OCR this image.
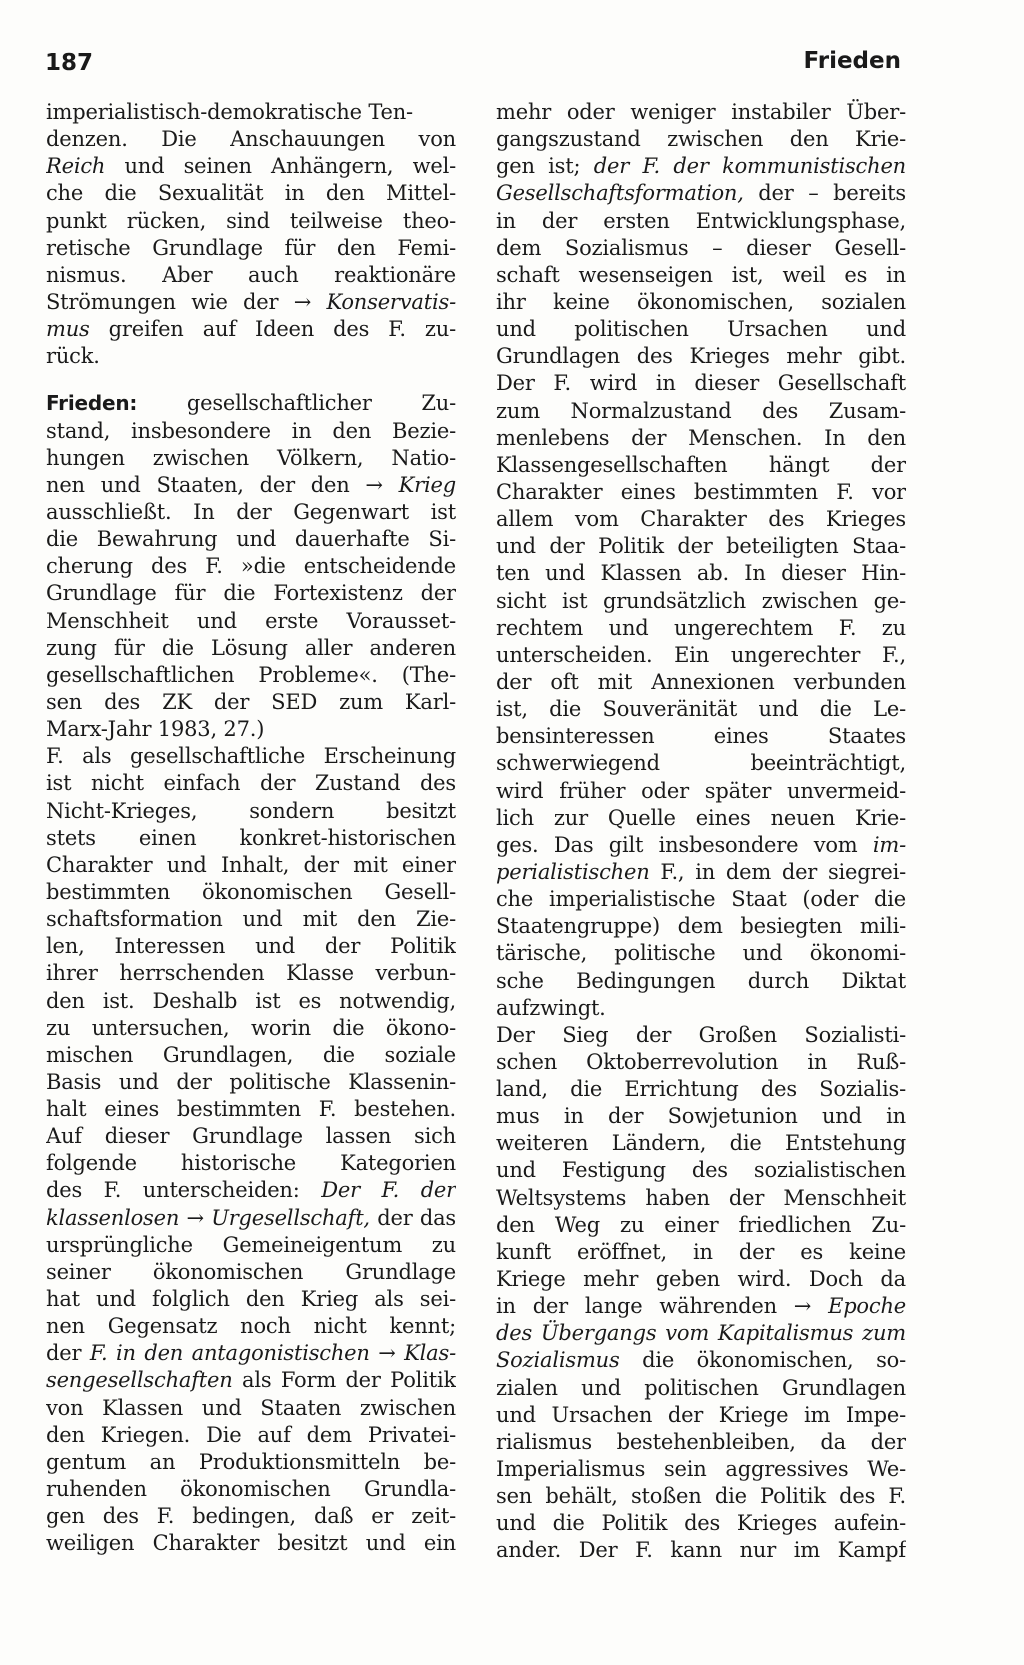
187	Frieden
imperialistisch-demokratische Ten-
denzen. Die Anschauungen von
Reich und seinen Anhängern, wel-
che die Sexualität in den Mittel-
punkt rücken, sind teilweise theo-
retische Grundlage für den Femi-
nismus. Aber auch reaktionäre
Strömungen wie der → Konservatis-
mus greifen auf Ideen des F. zu-
rück.
Frieden: gesellschaftlicher Zu-
stand, insbesondere in den Bezie-
hungen zwischen Völkern, Natio-
nen und Staaten, der den → Krieg
ausschließt. In der Gegenwart ist
die Bewahrung und dauerhafte Si-
cherung des F. »die entscheidende
Grundlage für die Fortexistenz der
Menschheit und erste Vorausset-
zung für die Lösung aller anderen
gesellschaftlichen Probleme«. (The-
sen des ZK der SED zum Karl-
Marx-Jahr 1983, 27.)
F. als gesellschaftliche Erscheinung
ist nicht einfach der Zustand des
Nicht-Krieges, sondern besitzt
stets einen konkret-historischen
Charakter und Inhalt, der mit einer
bestimmten ökonomischen Gesell-
schaftsformation und mit den Zie-
len, Interessen und der Politik
ihrer herrschenden Klasse verbun-
den ist. Deshalb ist es notwendig,
zu untersuchen, worin die ökono-
mischen Grundlagen, die soziale
Basis und der politische Klassenin-
halt eines bestimmten F. bestehen.
Auf dieser Grundlage lassen sich
folgende historische Kategorien
des F. unterscheiden: Der F. der
klassenlosen → Urgesellschaft, der das
ursprüngliche Gemeineigentum zu
seiner ökonomischen Grundlage
hat und folglich den Krieg als sei-
nen Gegensatz noch nicht kennt;
der F. in den antagonistischen → Klas-
sengesellschaften als Form der Politik
von Klassen und Staaten zwischen
den Kriegen. Die auf dem Privatei-
gentum an Produktionsmitteln be-
ruhenden ökonomischen Grundla-
gen des F. bedingen, daß er zeit-
weiligen Charakter besitzt und ein
mehr oder weniger instabiler Über-
gangszustand zwischen den Krie-
gen ist; der F. der kommunistischen
Gesellschaftsformation, der – bereits
in der ersten Entwicklungsphase,
dem Sozialismus – dieser Gesell-
schaft wesenseigen ist, weil es in
ihr keine ökonomischen, sozialen
und politischen Ursachen und
Grundlagen des Krieges mehr gibt.
Der F. wird in dieser Gesellschaft
zum Normalzustand des Zusam-
menlebens der Menschen. In den
Klassengesellschaften hängt der
Charakter eines bestimmten F. vor
allem vom Charakter des Krieges
und der Politik der beteiligten Staa-
ten und Klassen ab. In dieser Hin-
sicht ist grundsätzlich zwischen ge-
rechtem und ungerechtem F. zu
unterscheiden. Ein ungerechter F.,
der oft mit Annexionen verbunden
ist, die Souveränität und die Le-
bensinteressen eines Staates
schwerwiegend beeinträchtigt,
wird früher oder später unvermeid-
lich zur Quelle eines neuen Krie-
ges. Das gilt insbesondere vom im-
perialistischen F., in dem der siegrei-
che imperialistische Staat (oder die
Staatengruppe) dem besiegten mili-
tärische, politische und ökonomi-
sche Bedingungen durch Diktat
aufzwingt.
Der Sieg der Großen Sozialisti-
schen Oktoberrevolution in Ruß-
land, die Errichtung des Sozialis-
mus in der Sowjetunion und in
weiteren Ländern, die Entstehung
und Festigung des sozialistischen
Weltsystems haben der Menschheit
den Weg zu einer friedlichen Zu-
kunft eröffnet, in der es keine
Kriege mehr geben wird. Doch da
in der lange währenden → Epoche
des Übergangs vom Kapitalismus zum
Sozialismus die ökonomischen, so-
zialen und politischen Grundlagen
und Ursachen der Kriege im Impe-
rialismus bestehenbleiben, da der
Imperialismus sein aggressives We-
sen behält, stoßen die Politik des F.
und die Politik des Krieges aufein-
ander. Der F. kann nur im Kampf
